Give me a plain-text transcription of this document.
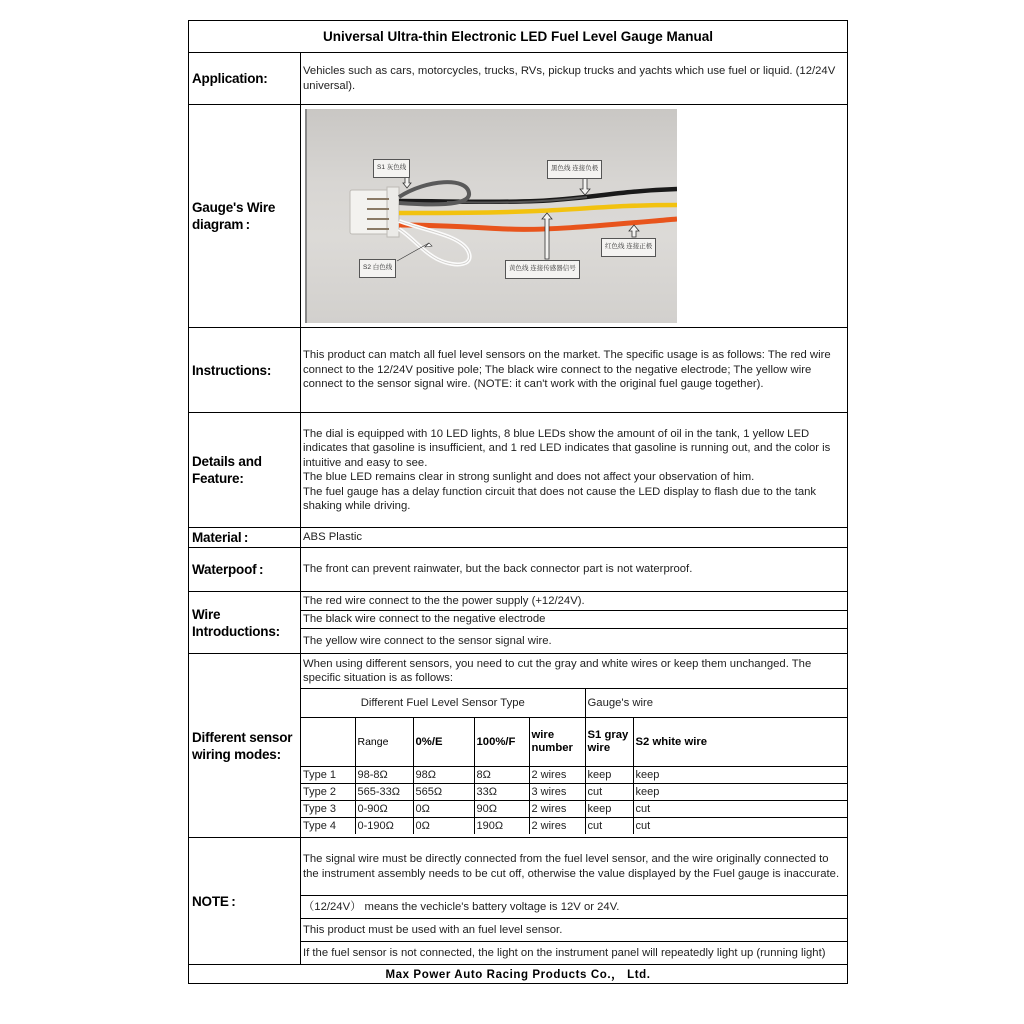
Universal Ultra-thin Electronic LED Fuel Level Gauge Manual
Application:	Vehicles such as cars, motorcycles, trucks, RVs, pickup trucks and yachts which use fuel or liquid. (12/24V universal).
Gauge's Wire diagram :
S1 灰色线
S2 白色线
黑色线 连接负极
黄色线 连接传感器信号
红色线 连接正极
Instructions:
This product can match all fuel level sensors on the market. The specific usage is as follows: The red wire connect to the 12/24V positive pole; The black wire connect to the negative electrode; The yellow wire connect to the sensor signal wire. (NOTE: it can't work with the original fuel gauge together).
Details and Feature:
The dial is equipped with 10 LED lights, 8 blue LEDs show the amount of oil in the tank, 1 yellow LED indicates that gasoline is insufficient, and 1 red LED indicates that gasoline is running out, and the color is intuitive and easy to see.
The blue LED remains clear in strong sunlight and does not affect your observation of him.
The fuel gauge has a delay function circuit that does not cause the LED display to flash due to the tank shaking while driving.
Material :	ABS Plastic
Waterpoof :	The front can prevent rainwater, but the back connector part is not waterproof.
Wire Introductions:
The red wire connect to the the power supply (+12/24V).
The black wire connect to the negative electrode
The yellow wire connect to the sensor signal wire.
Different sensor wiring modes:
When using different sensors, you need to cut the gray and white wires or keep them unchanged. The specific situation is as follows:
Different Fuel Level Sensor Type					Gauge's wire	
	Range	0%/E	100%/F	wire number	S1 gray wire	S2 white wire
Type 1	98-8Ω	98Ω	8Ω	2 wires	keep	keep
Type 2	565-33Ω	565Ω	33Ω	3 wires	cut	keep
Type 3	0-90Ω	0Ω	90Ω	2 wires	keep	cut
Type 4	0-190Ω	0Ω	190Ω	2 wires	cut	cut
NOTE :
The signal wire must be directly connected from the fuel level sensor, and the wire originally connected to the instrument assembly needs to be cut off, otherwise the value displayed by the Fuel gauge is inaccurate.
（12/24V） means the vechicle's battery voltage is 12V or 24V.
This product must be used with an fuel level sensor.
If the fuel sensor is not connected, the light on the instrument panel will repeatedly light up (running light)
Max Power Auto Racing Products Co.， Ltd.
